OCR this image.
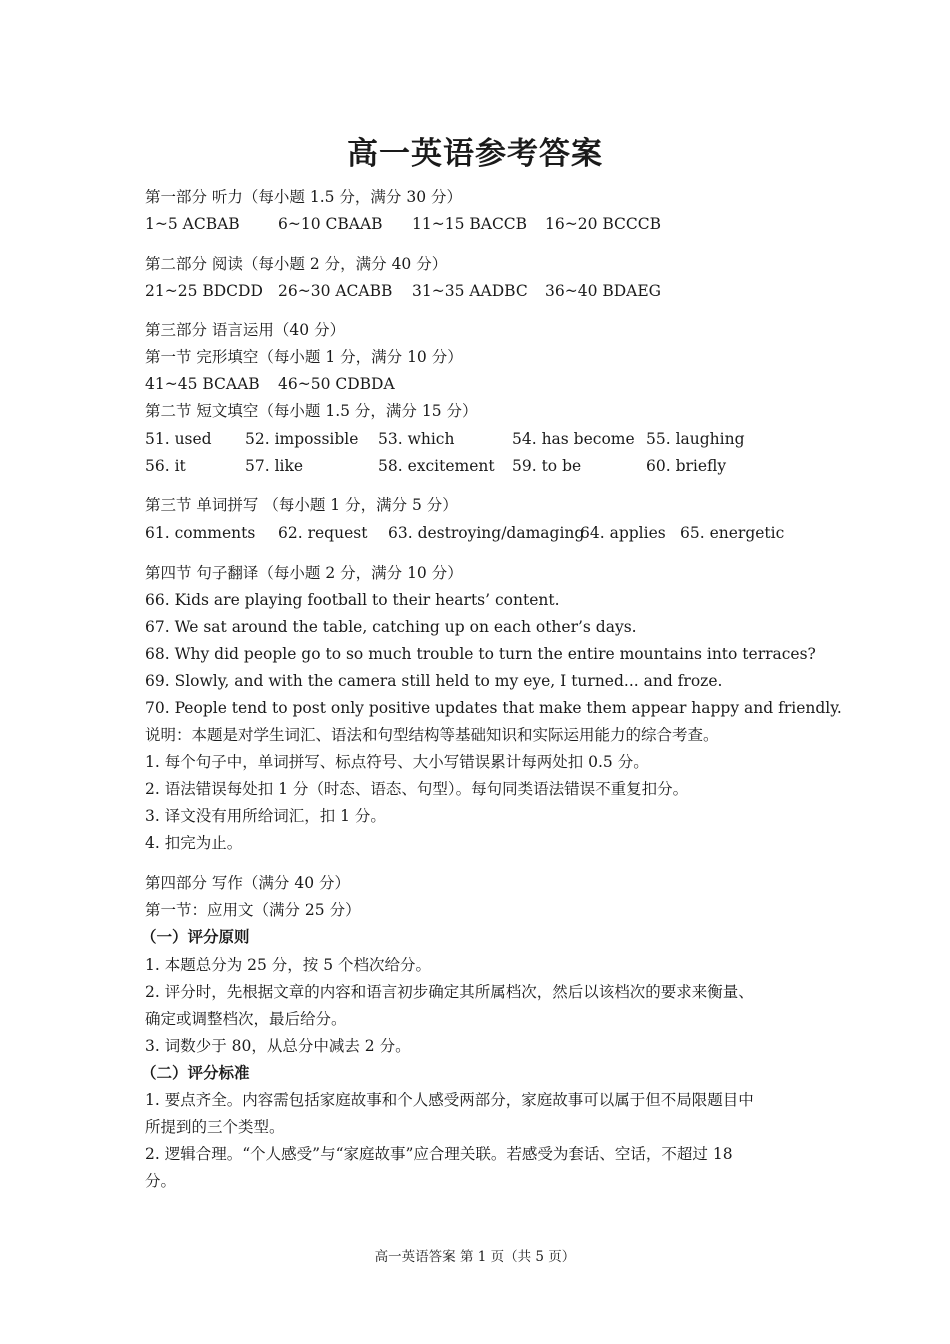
高一英语参考答案
第一部分 听力（每小题 1.5 分，满分 30 分）
1~5 ACBAB 6~10 CBAAB 11~15 BACCB 16~20 BCCCB
第二部分 阅读（每小题 2 分，满分 40 分）
21~25 BDCDD 26~30 ACABB 31~35 AADBC 36~40 BDAEG
第三部分 语言运用（40 分）
第一节 完形填空（每小题 1 分，满分 10 分）
41~45 BCAAB 46~50 CDBDA
第二节 短文填空（每小题 1.5 分，满分 15 分）
51. used 52. impossible 53. which	54. has become 55. laughing
56. it	57. like	58. excitement 59. to be	60. briefly
第三节 单词拼写 （每小题 1 分，满分 5 分）
61. comments 62. request 63. destroying/damaging
64. applies 65. energetic
第四节 句子翻译（每小题 2 分，满分 10 分）
66. Kids are playing football to their hearts’ content.
67. We sat around the table, catching up on each other’s days.
68. Why did people go to so much trouble to turn the entire mountains into terraces?
69. Slowly, and with the camera still held to my eye, I turned... and froze.
70. People tend to post only positive updates that make them appear happy and friendly.
说明：本题是对学生词汇、语法和句型结构等基础知识和实际运用能力的综合考查。
1. 每个句子中，单词拼写、标点符号、大小写错误累计每两处扣 0.5 分。
2. 语法错误每处扣 1 分（时态、语态、句型）。每句同类语法错误不重复扣分。
3. 译文没有用所给词汇，扣 1 分。
4. 扣完为止。
第四部分 写作（满分 40 分）
第一节：应用文（满分 25 分）
（一）评分原则
1. 本题总分为 25 分，按 5 个档次给分。
2. 评分时，先根据文章的内容和语言初步确定其所属档次，然后以该档次的要求来衡量、
确定或调整档次，最后给分。
3. 词数少于 80，从总分中减去 2 分。
（二）评分标准
1. 要点齐全。内容需包括家庭故事和个人感受两部分，家庭故事可以属于但不局限题目中
所提到的三个类型。
2. 逻辑合理。“个人感受”与“家庭故事”应合理关联。若感受为套话、空话，不超过 18
分。
高一英语答案 第 1 页（共 5 页）
